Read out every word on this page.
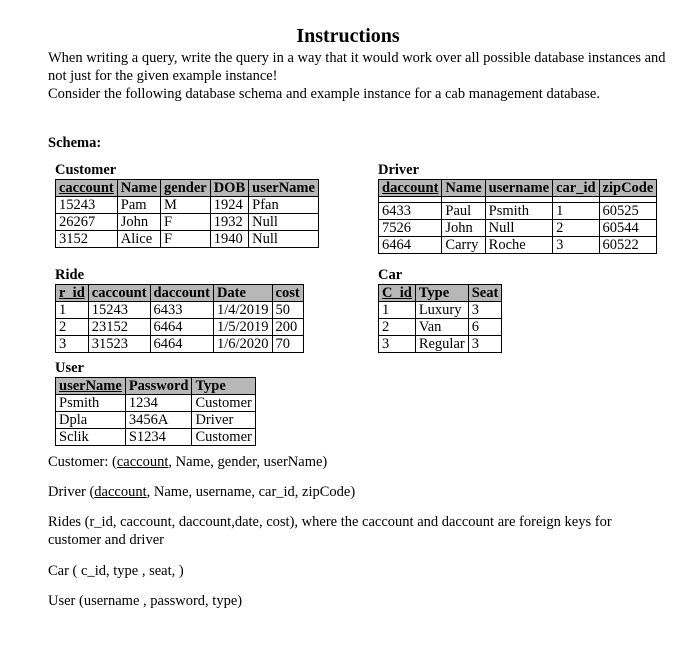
Instructions

When writing a query, write the query in a way that it would work over all possible database instances and not just for the given example instance!

Consider the following database schema and example instance for a cab management database.

Schema:
Customer
caccount	Name	gender	DOB	userName
15243	Pam	M	1924	Pfan
26267	John	F	1932	Null
3152	Alice	F	1940	Null
Driver
daccount	Name	username	car_id	zipCode

6433	Paul	Psmith	1	60525
7526	John	Null	2	60544
6464	Carry	Roche	3	60522
Ride
r_id	caccount	daccount	Date	cost
1	15243	6433	1/4/2019	50
2	23152	6464	1/5/2019	200
3	31523	6464	1/6/2020	70
Car
C_id	Type	Seat
1	Luxury	3
2	Van	6
3	Regular	3
User
userName	Password	Type
Psmith	1234	Customer
Dpla	3456A	Driver
Sclik	S1234	Customer
Customer: (caccount, Name, gender, userName)
Driver (daccount, Name, username, car_id, zipCode)
Rides (r_id, caccount, daccount,date, cost), where the caccount and daccount are foreign keys for customer and driver
Car ( c_id, type , seat, )
User (username , password, type)
